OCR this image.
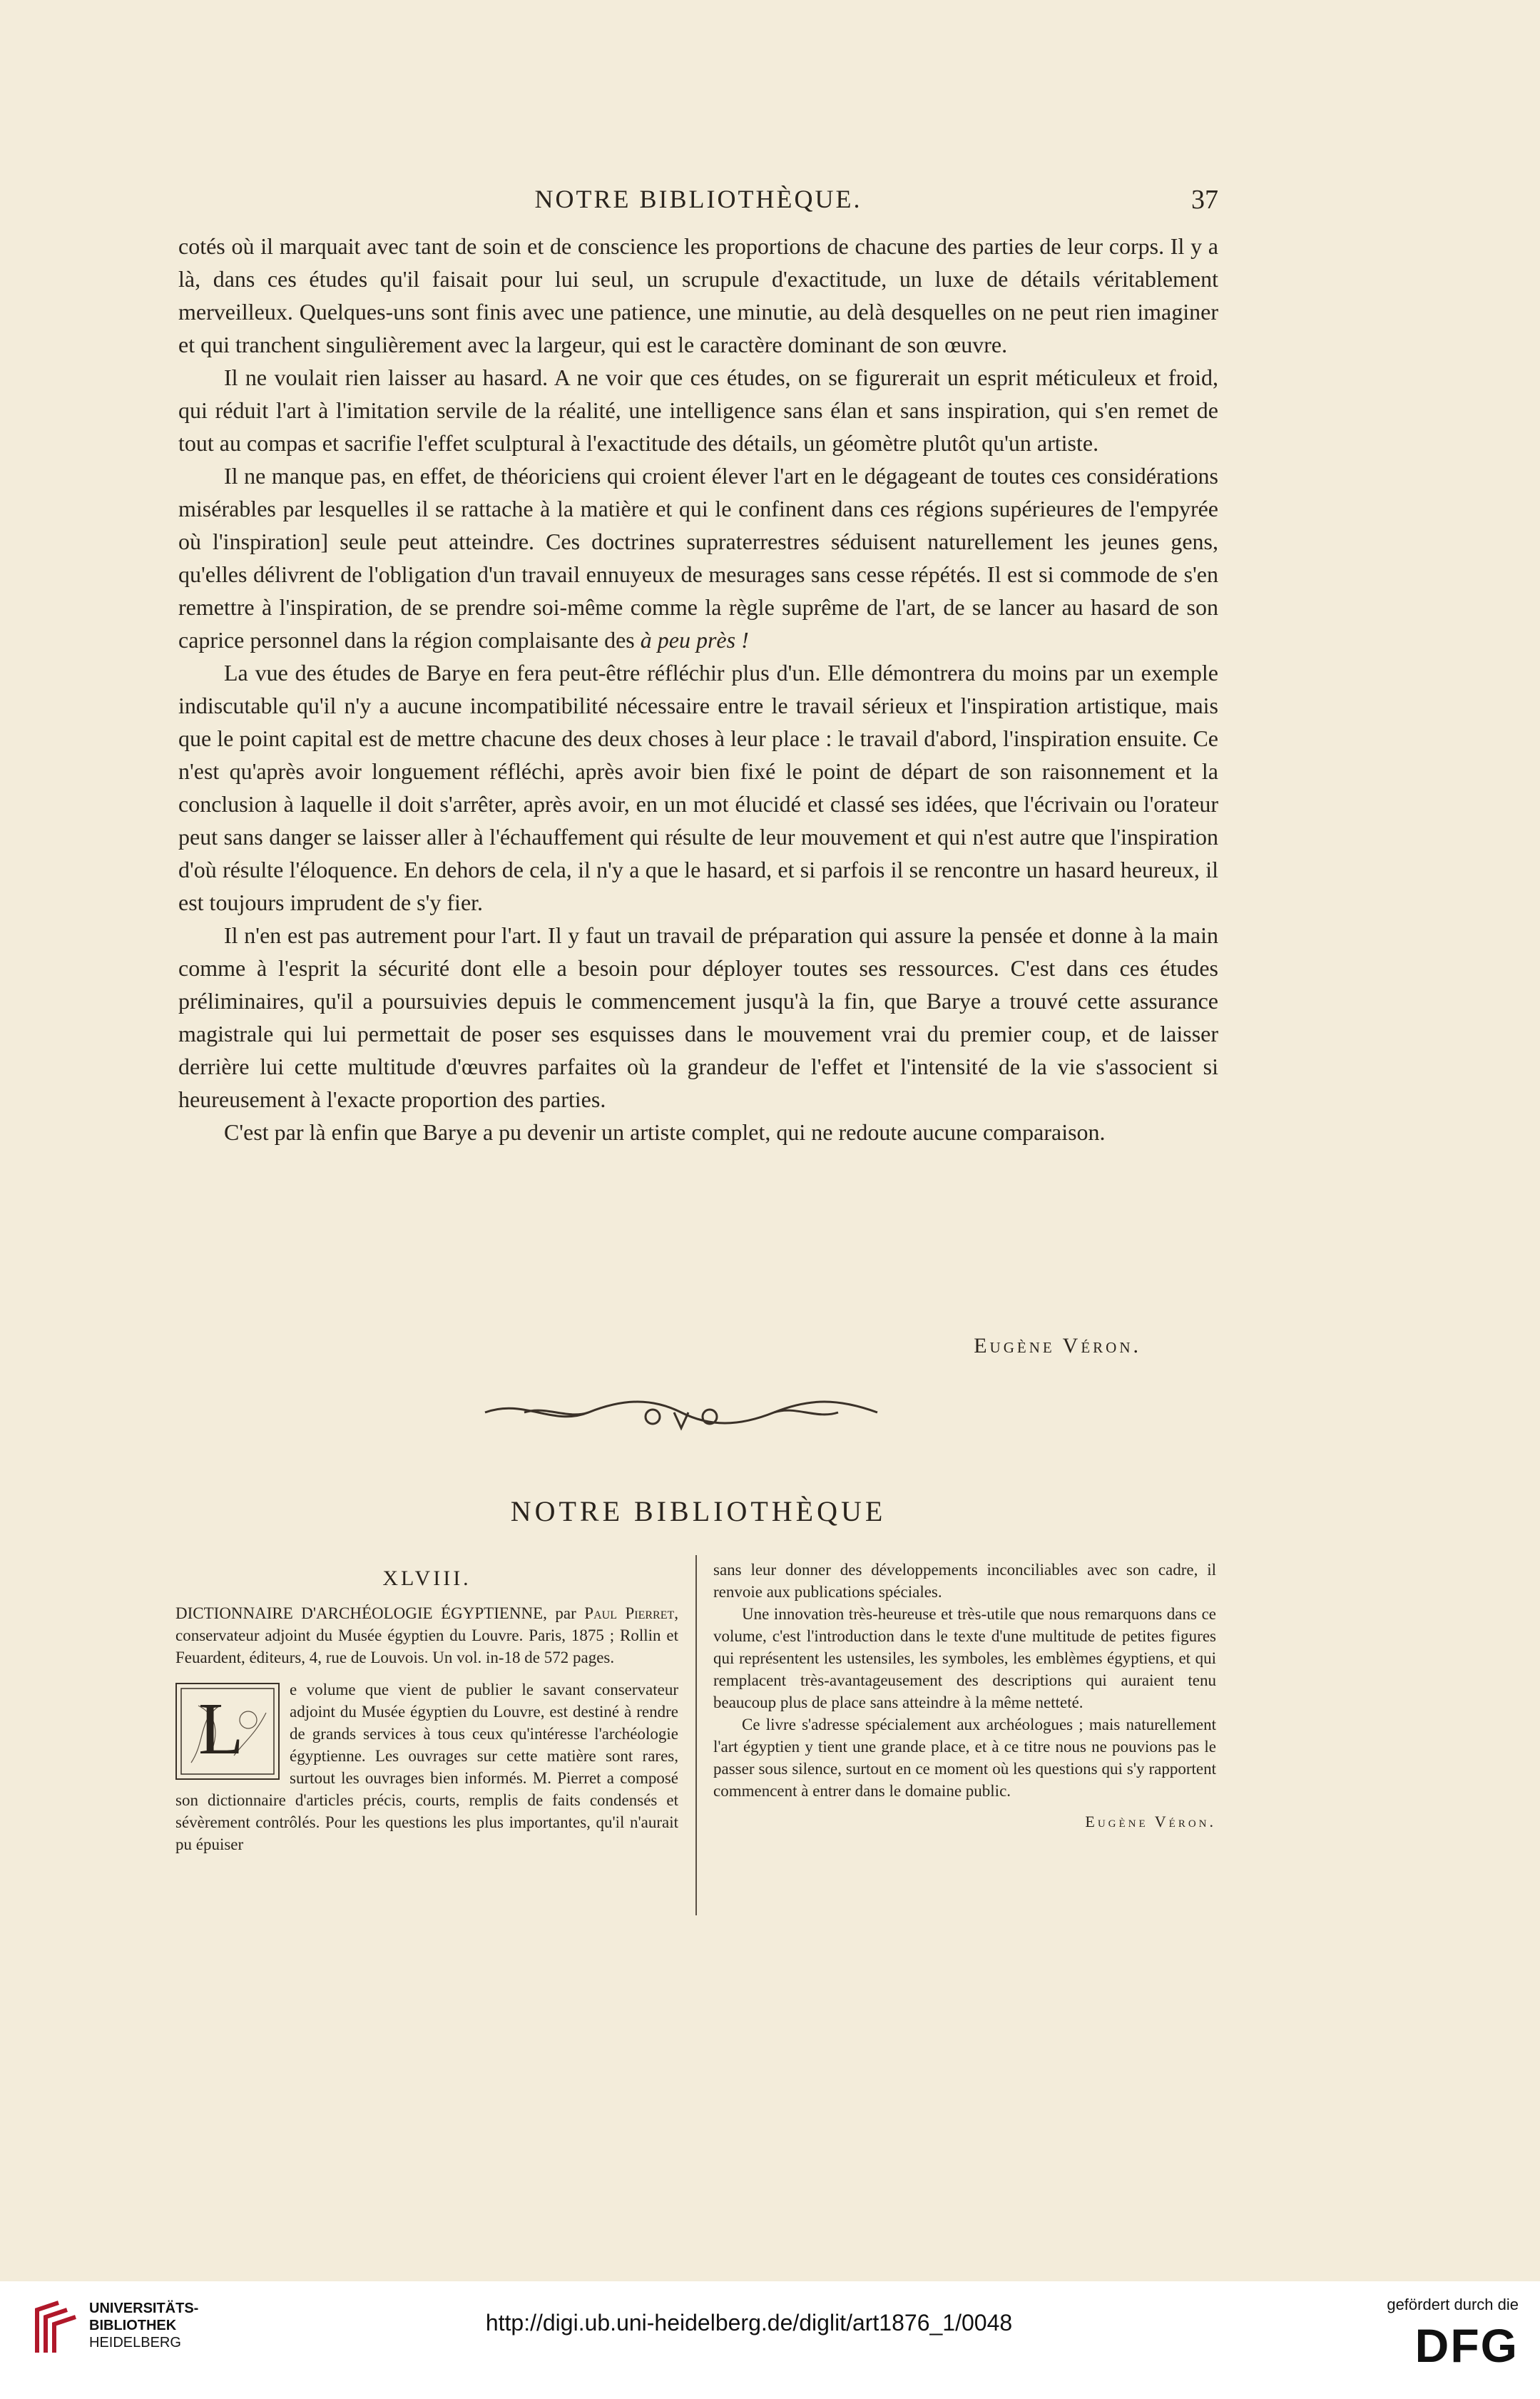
NOTRE BIBLIOTHÈQUE.	37

cotés où il marquait avec tant de soin et de conscience les proportions de chacune des parties de leur corps. Il y a là, dans ces études qu'il faisait pour lui seul, un scrupule d'exactitude, un luxe de détails véritablement merveilleux. Quelques-uns sont finis avec une patience, une minutie, au delà desquelles on ne peut rien imaginer et qui tranchent singulièrement avec la largeur, qui est le caractère dominant de son œuvre.

Il ne voulait rien laisser au hasard. A ne voir que ces études, on se figurerait un esprit méticuleux et froid, qui réduit l'art à l'imitation servile de la réalité, une intelligence sans élan et sans inspiration, qui s'en remet de tout au compas et sacrifie l'effet sculptural à l'exactitude des détails, un géomètre plutôt qu'un artiste.

Il ne manque pas, en effet, de théoriciens qui croient élever l'art en le dégageant de toutes ces considérations misérables par lesquelles il se rattache à la matière et qui le confinent dans ces régions supérieures de l'empyrée où l'inspiration] seule peut atteindre. Ces doctrines supraterrestres séduisent naturellement les jeunes gens, qu'elles délivrent de l'obligation d'un travail ennuyeux de mesurages sans cesse répétés. Il est si commode de s'en remettre à l'inspiration, de se prendre soi-même comme la règle suprême de l'art, de se lancer au hasard de son caprice personnel dans la région complaisante des à peu près !

La vue des études de Barye en fera peut-être réfléchir plus d'un. Elle démontrera du moins par un exemple indiscutable qu'il n'y a aucune incompatibilité nécessaire entre le travail sérieux et l'inspiration artistique, mais que le point capital est de mettre chacune des deux choses à leur place : le travail d'abord, l'inspiration ensuite. Ce n'est qu'après avoir longuement réfléchi, après avoir bien fixé le point de départ de son raisonnement et la conclusion à laquelle il doit s'arrêter, après avoir, en un mot élucidé et classé ses idées, que l'écrivain ou l'orateur peut sans danger se laisser aller à l'échauffement qui résulte de leur mouvement et qui n'est autre que l'inspiration d'où résulte l'éloquence. En dehors de cela, il n'y a que le hasard, et si parfois il se rencontre un hasard heureux, il est toujours imprudent de s'y fier.

Il n'en est pas autrement pour l'art. Il y faut un travail de préparation qui assure la pensée et donne à la main comme à l'esprit la sécurité dont elle a besoin pour déployer toutes ses ressources. C'est dans ces études préliminaires, qu'il a poursuivies depuis le commencement jusqu'à la fin, que Barye a trouvé cette assurance magistrale qui lui permettait de poser ses esquisses dans le mouvement vrai du premier coup, et de laisser derrière lui cette multitude d'œuvres parfaites où la grandeur de l'effet et l'intensité de la vie s'associent si heureusement à l'exacte proportion des parties.

C'est par là enfin que Barye a pu devenir un artiste complet, qui ne redoute aucune comparaison.

Eugène Véron.
NOTRE BIBLIOTHÈQUE
XLVIII.

DICTIONNAIRE D'ARCHÉOLOGIE ÉGYPTIENNE, par Paul Pierret, conservateur adjoint du Musée égyptien du Louvre. Paris, 1875 ; Rollin et Feuardent, éditeurs, 4, rue de Louvois. Un vol. in-18 de 572 pages.

L	e volume que vient de publier le savant conservateur adjoint du Musée égyptien du Louvre, est destiné à rendre de grands services à tous ceux qu'intéresse l'archéologie égyptienne. Les ouvrages sur cette matière sont rares, surtout les ouvrages bien informés. M. Pierret a composé son dictionnaire d'articles précis, courts, remplis de faits condensés et sévèrement contrôlés. Pour les questions les plus importantes, qu'il n'aurait pu épuiser

sans leur donner des développements inconciliables avec son cadre, il renvoie aux publications spéciales.

Une innovation très-heureuse et très-utile que nous remarquons dans ce volume, c'est l'introduction dans le texte d'une multitude de petites figures qui représentent les ustensiles, les symboles, les emblèmes égyptiens, et qui remplacent très-avantageusement des descriptions qui auraient tenu beaucoup plus de place sans atteindre à la même netteté.

Ce livre s'adresse spécialement aux archéologues ; mais naturellement l'art égyptien y tient une grande place, et à ce titre nous ne pouvions pas le passer sous silence, surtout en ce moment où les questions qui s'y rapportent commencent à entrer dans le domaine public.

Eugène Véron.
UNIVERSITÄTS-
BIBLIOTHEK
HEIDELBERG
http://digi.ub.uni-heidelberg.de/diglit/art1876_1/0048
gefördert durch die
DFG
